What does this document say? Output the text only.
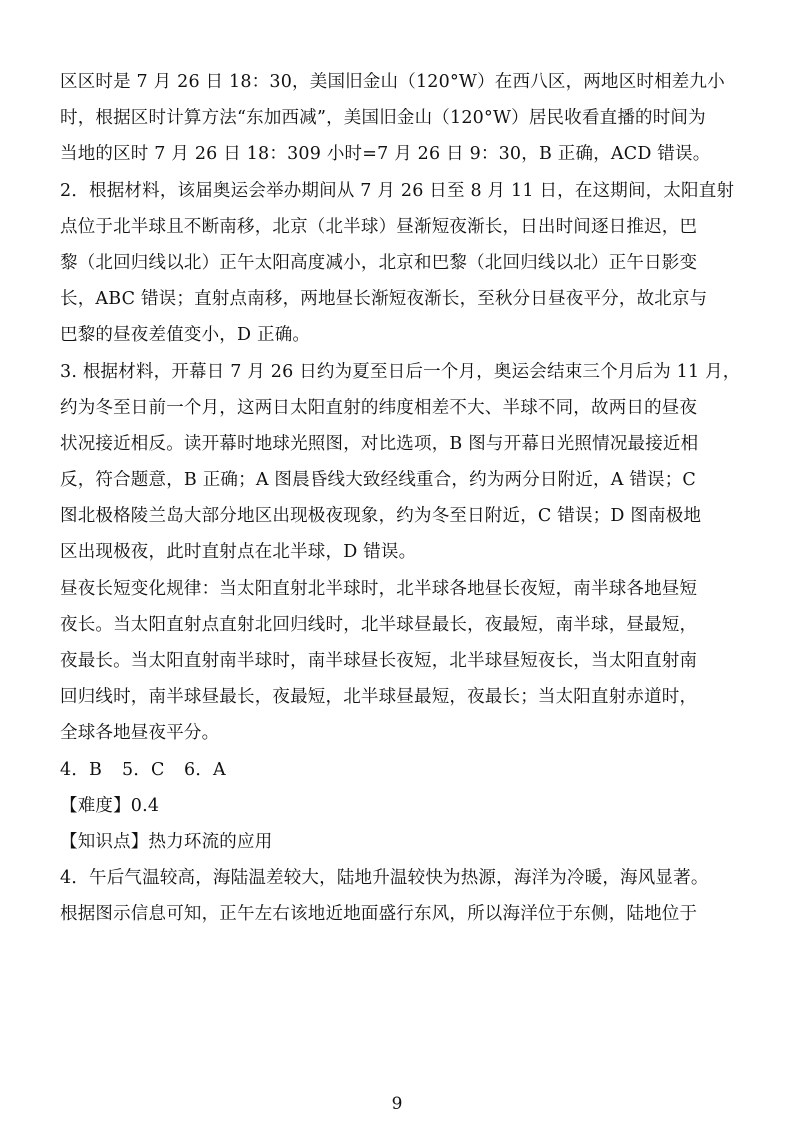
区区时是 7 月 26 日 18：30，美国旧金山（120°W）在西八区，两地区时相差九小
时，根据区时计算方法“东加西减”，美国旧金山（120°W）居民收看直播的时间为
当地的区时 7 月 26 日 18：309 小时=7 月 26 日 9：30，B 正确，ACD 错误。
2．根据材料，该届奥运会举办期间从 7 月 26 日至 8 月 11 日，在这期间，太阳直射
点位于北半球且不断南移，北京（北半球）昼渐短夜渐长，日出时间逐日推迟，巴
黎（北回归线以北）正午太阳高度减小，北京和巴黎（北回归线以北）正午日影变
长，ABC 错误；直射点南移，两地昼长渐短夜渐长，至秋分日昼夜平分，故北京与
巴黎的昼夜差值变小，D 正确。
3. 根据材料，开幕日 7 月 26 日约为夏至日后一个月，奥运会结束三个月后为 11 月，
约为冬至日前一个月，这两日太阳直射的纬度相差不大、半球不同，故两日的昼夜
状况接近相反。读开幕时地球光照图，对比选项，B 图与开幕日光照情况最接近相
反，符合题意，B 正确；A 图晨昏线大致经线重合，约为两分日附近，A 错误；C
图北极格陵兰岛大部分地区出现极夜现象，约为冬至日附近，C 错误；D 图南极地
区出现极夜，此时直射点在北半球，D 错误。
昼夜长短变化规律：当太阳直射北半球时，北半球各地昼长夜短，南半球各地昼短
夜长。当太阳直射点直射北回归线时，北半球昼最长，夜最短，南半球，昼最短，
夜最长。当太阳直射南半球时，南半球昼长夜短，北半球昼短夜长，当太阳直射南
回归线时，南半球昼最长，夜最短，北半球昼最短，夜最长；当太阳直射赤道时，
全球各地昼夜平分。
4．B 5．C 6．A
【难度】0.4
【知识点】热力环流的应用
4．午后气温较高，海陆温差较大，陆地升温较快为热源，海洋为冷暖，海风显著。
根据图示信息可知，正午左右该地近地面盛行东风，所以海洋位于东侧，陆地位于
9
